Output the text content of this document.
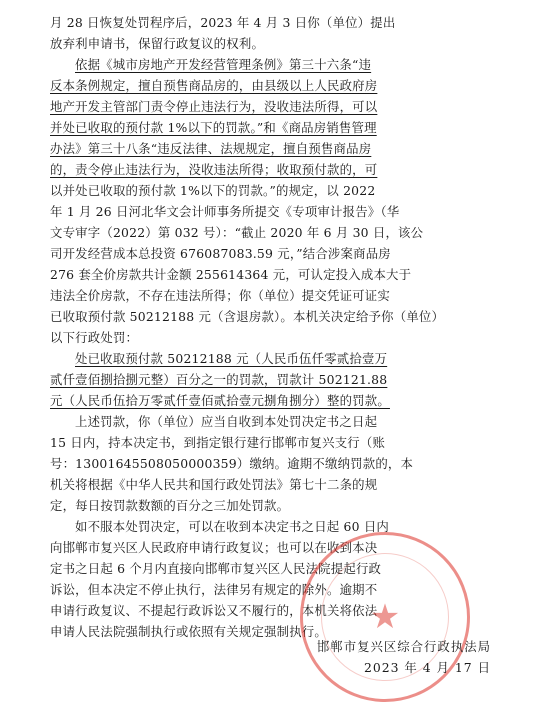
月 28 日恢复处罚程序后，2023 年 4 月 3 日你（单位）提出
放弃利申请书，保留行政复议的权利。
依据《城市房地产开发经营管理条例》第三十六条“违
反本条例规定，擅自预售商品房的，由县级以上人民政府房
地产开发主管部门责令停止违法行为，没收违法所得，可以
并处已收取的预付款 1%以下的罚款。”和《商品房销售管理
办法》第三十八条“违反法律、法规规定，擅自预售商品房
的，责令停止违法行为，没收违法所得；收取预付款的，可
以并处已收取的预付款 1%以下的罚款。”的规定，以 2022
年 1 月 26 日河北华文会计师事务所提交《专项审计报告》（华
文专审字（2022）第 032 号）：“截止 2020 年 6 月 30 日，该公
司开发经营成本总投资 676087083.59 元，”结合涉案商品房
276 套全价房款共计金额 255614364 元，可认定投入成本大于
违法全价房款，不存在违法所得；你（单位）提交凭证可证实
已收取预付款 50212188 元（含退房款）。本机关决定给予你（单位）
以下行政处罚：
处已收取预付款 50212188 元（人民币伍仟零贰拾壹万
贰仟壹佰捌拾捌元整）百分之一的罚款，罚款计 502121.88
元（人民币伍拾万零贰仟壹佰贰拾壹元捌角捌分）整的罚款。
上述罚款，你（单位）应当自收到本处罚决定书之日起
15 日内，持本决定书，到指定银行建行邯郸市复兴支行（账
号：13001645508050000359）缴纳。逾期不缴纳罚款的，本
机关将根据《中华人民共和国行政处罚法》第七十二条的规
定，每日按罚款数额的百分之三加处罚款。
如不服本处罚决定，可以在收到本决定书之日起 60 日内
向邯郸市复兴区人民政府申请行政复议；也可以在收到本决
定书之日起 6 个月内直接向邯郸市复兴区人民法院提起行政
诉讼，但本决定不停止执行，法律另有规定的除外。逾期不
申请行政复议、不提起行政诉讼又不履行的，本机关将依法
申请人民法院强制执行或依照有关规定强制执行。	★
邯郸市复兴区综合行政执法局
2023 年 4 月 17 日
